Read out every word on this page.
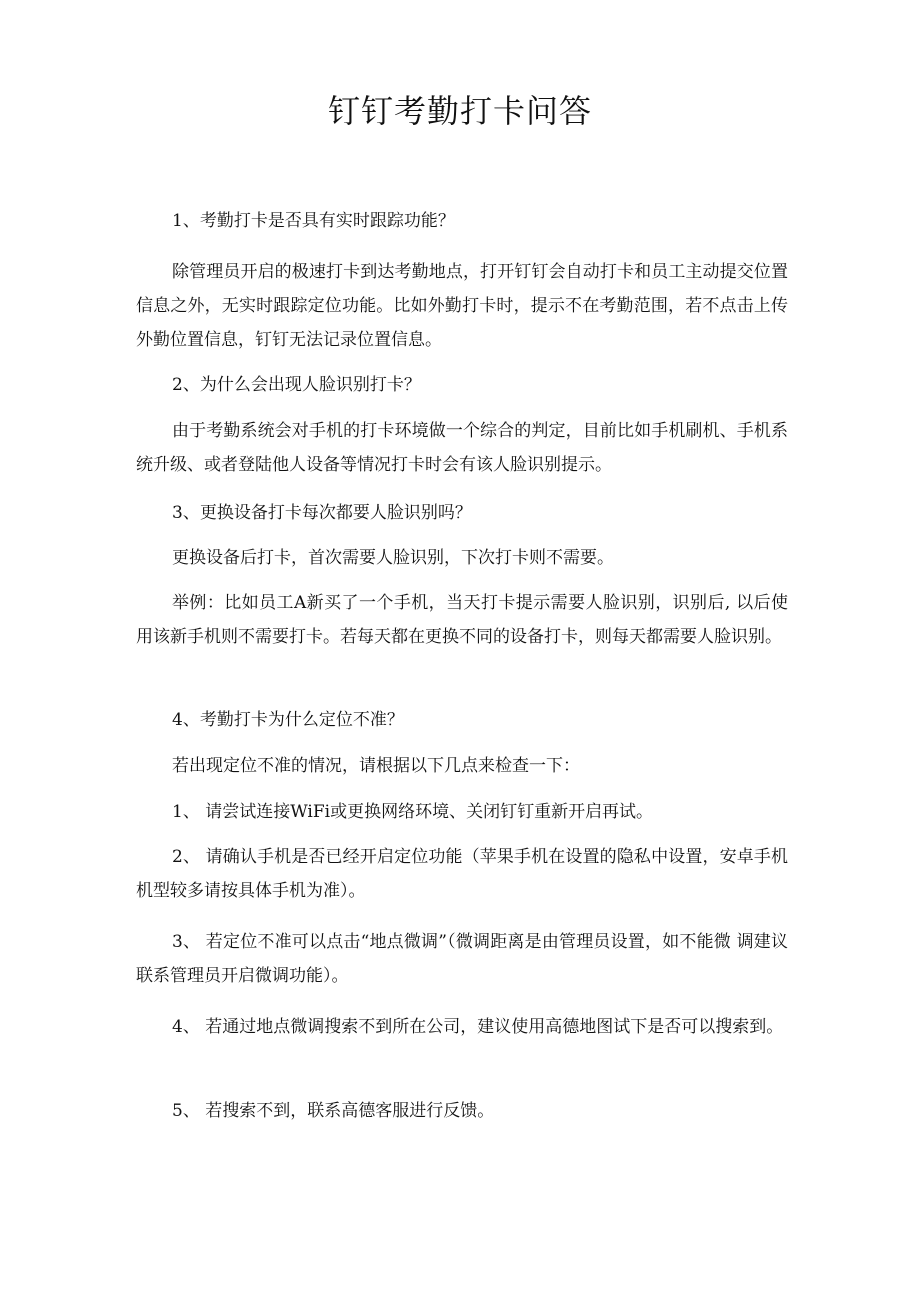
钉钉考勤打卡问答

1、考勤打卡是否具有实时跟踪功能？

除管理员开启的极速打卡到达考勤地点，打开钉钉会自动打卡和员工主动提交位置信息之外，无实时跟踪定位功能。比如外勤打卡时，提示不在考勤范围，若不点击上传外勤位置信息，钉钉无法记录位置信息。

2、为什么会出现人脸识别打卡？

由于考勤系统会对手机的打卡环境做一个综合的判定，目前比如手机刷机、手机系统升级、或者登陆他人设备等情况打卡时会有该人脸识别提示。

3、更换设备打卡每次都要人脸识别吗？

更换设备后打卡，首次需要人脸识别，下次打卡则不需要。

举例：比如员工A新买了一个手机，当天打卡提示需要人脸识别，识别后, 以后使用该新手机则不需要打卡。若每天都在更换不同的设备打卡，则每天都需要人脸识别。

4、考勤打卡为什么定位不准？

若出现定位不准的情况，请根据以下几点来检查一下：

1、 请尝试连接WiFi或更换网络环境、关闭钉钉重新开启再试。

2、 请确认手机是否已经开启定位功能（苹果手机在设置的隐私中设置，安卓手机机型较多请按具体手机为准）。

3、 若定位不准可以点击“地点微调”（微调距离是由管理员设置，如不能微 调建议联系管理员开启微调功能）。

4、 若通过地点微调搜索不到所在公司，建议使用高德地图试下是否可以搜索到。

5、 若搜索不到，联系高德客服进行反馈。
